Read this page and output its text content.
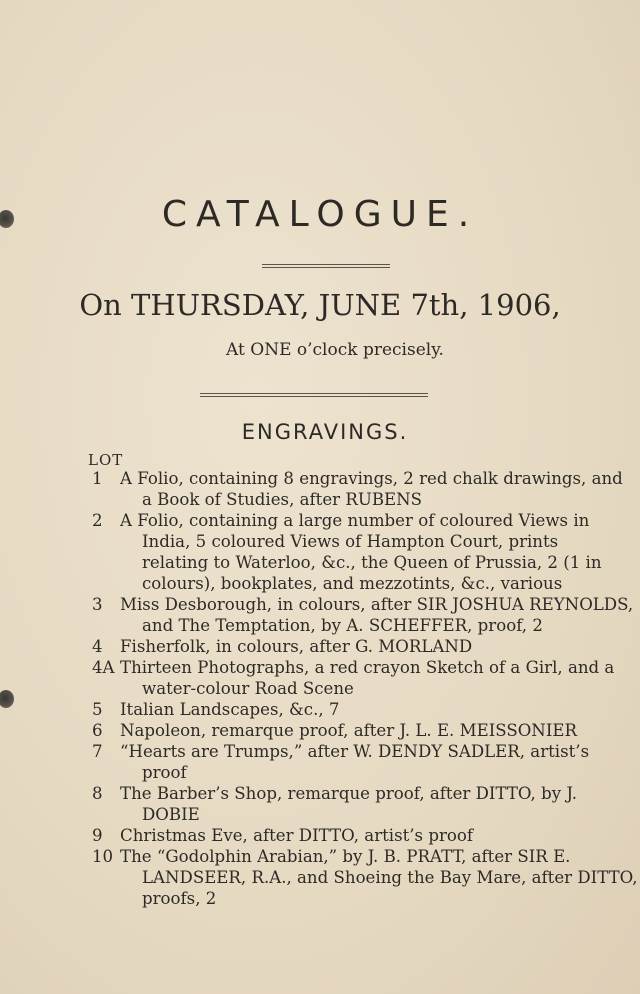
CATALOGUE.
On THURSDAY, JUNE 7th, 1906,
At ONE o’clock precisely.
ENGRAVINGS.
LOT
1	A Folio, containing 8 engravings, 2 red chalk drawings, and
a Book of Studies, after RUBENS
2	A Folio, containing a large number of coloured Views in
India, 5 coloured Views of Hampton Court, prints
relating to Waterloo, &c., the Queen of Prussia, 2 (1 in
colours), bookplates, and mezzotints, &c., various
3	Miss Desborough, in colours, after SIR JOSHUA REYNOLDS,
and The Temptation, by A. SCHEFFER, proof, 2
4	Fisherfolk, in colours, after G. MORLAND
4A Thirteen Photographs, a red crayon Sketch of a Girl, and a
water-colour Road Scene
5	Italian Landscapes, &c., 7
6	Napoleon, remarque proof, after J. L. E. MEISSONIER
7	“Hearts are Trumps,” after W. DENDY SADLER, artist’s
proof
8	The Barber’s Shop, remarque proof, after DITTO, by J.
DOBIE
9	Christmas Eve, after DITTO, artist’s proof
10 The “Godolphin Arabian,” by J. B. PRATT, after SIR E.
LANDSEER, R.A., and Shoeing the Bay Mare, after DITTO,
proofs, 2
